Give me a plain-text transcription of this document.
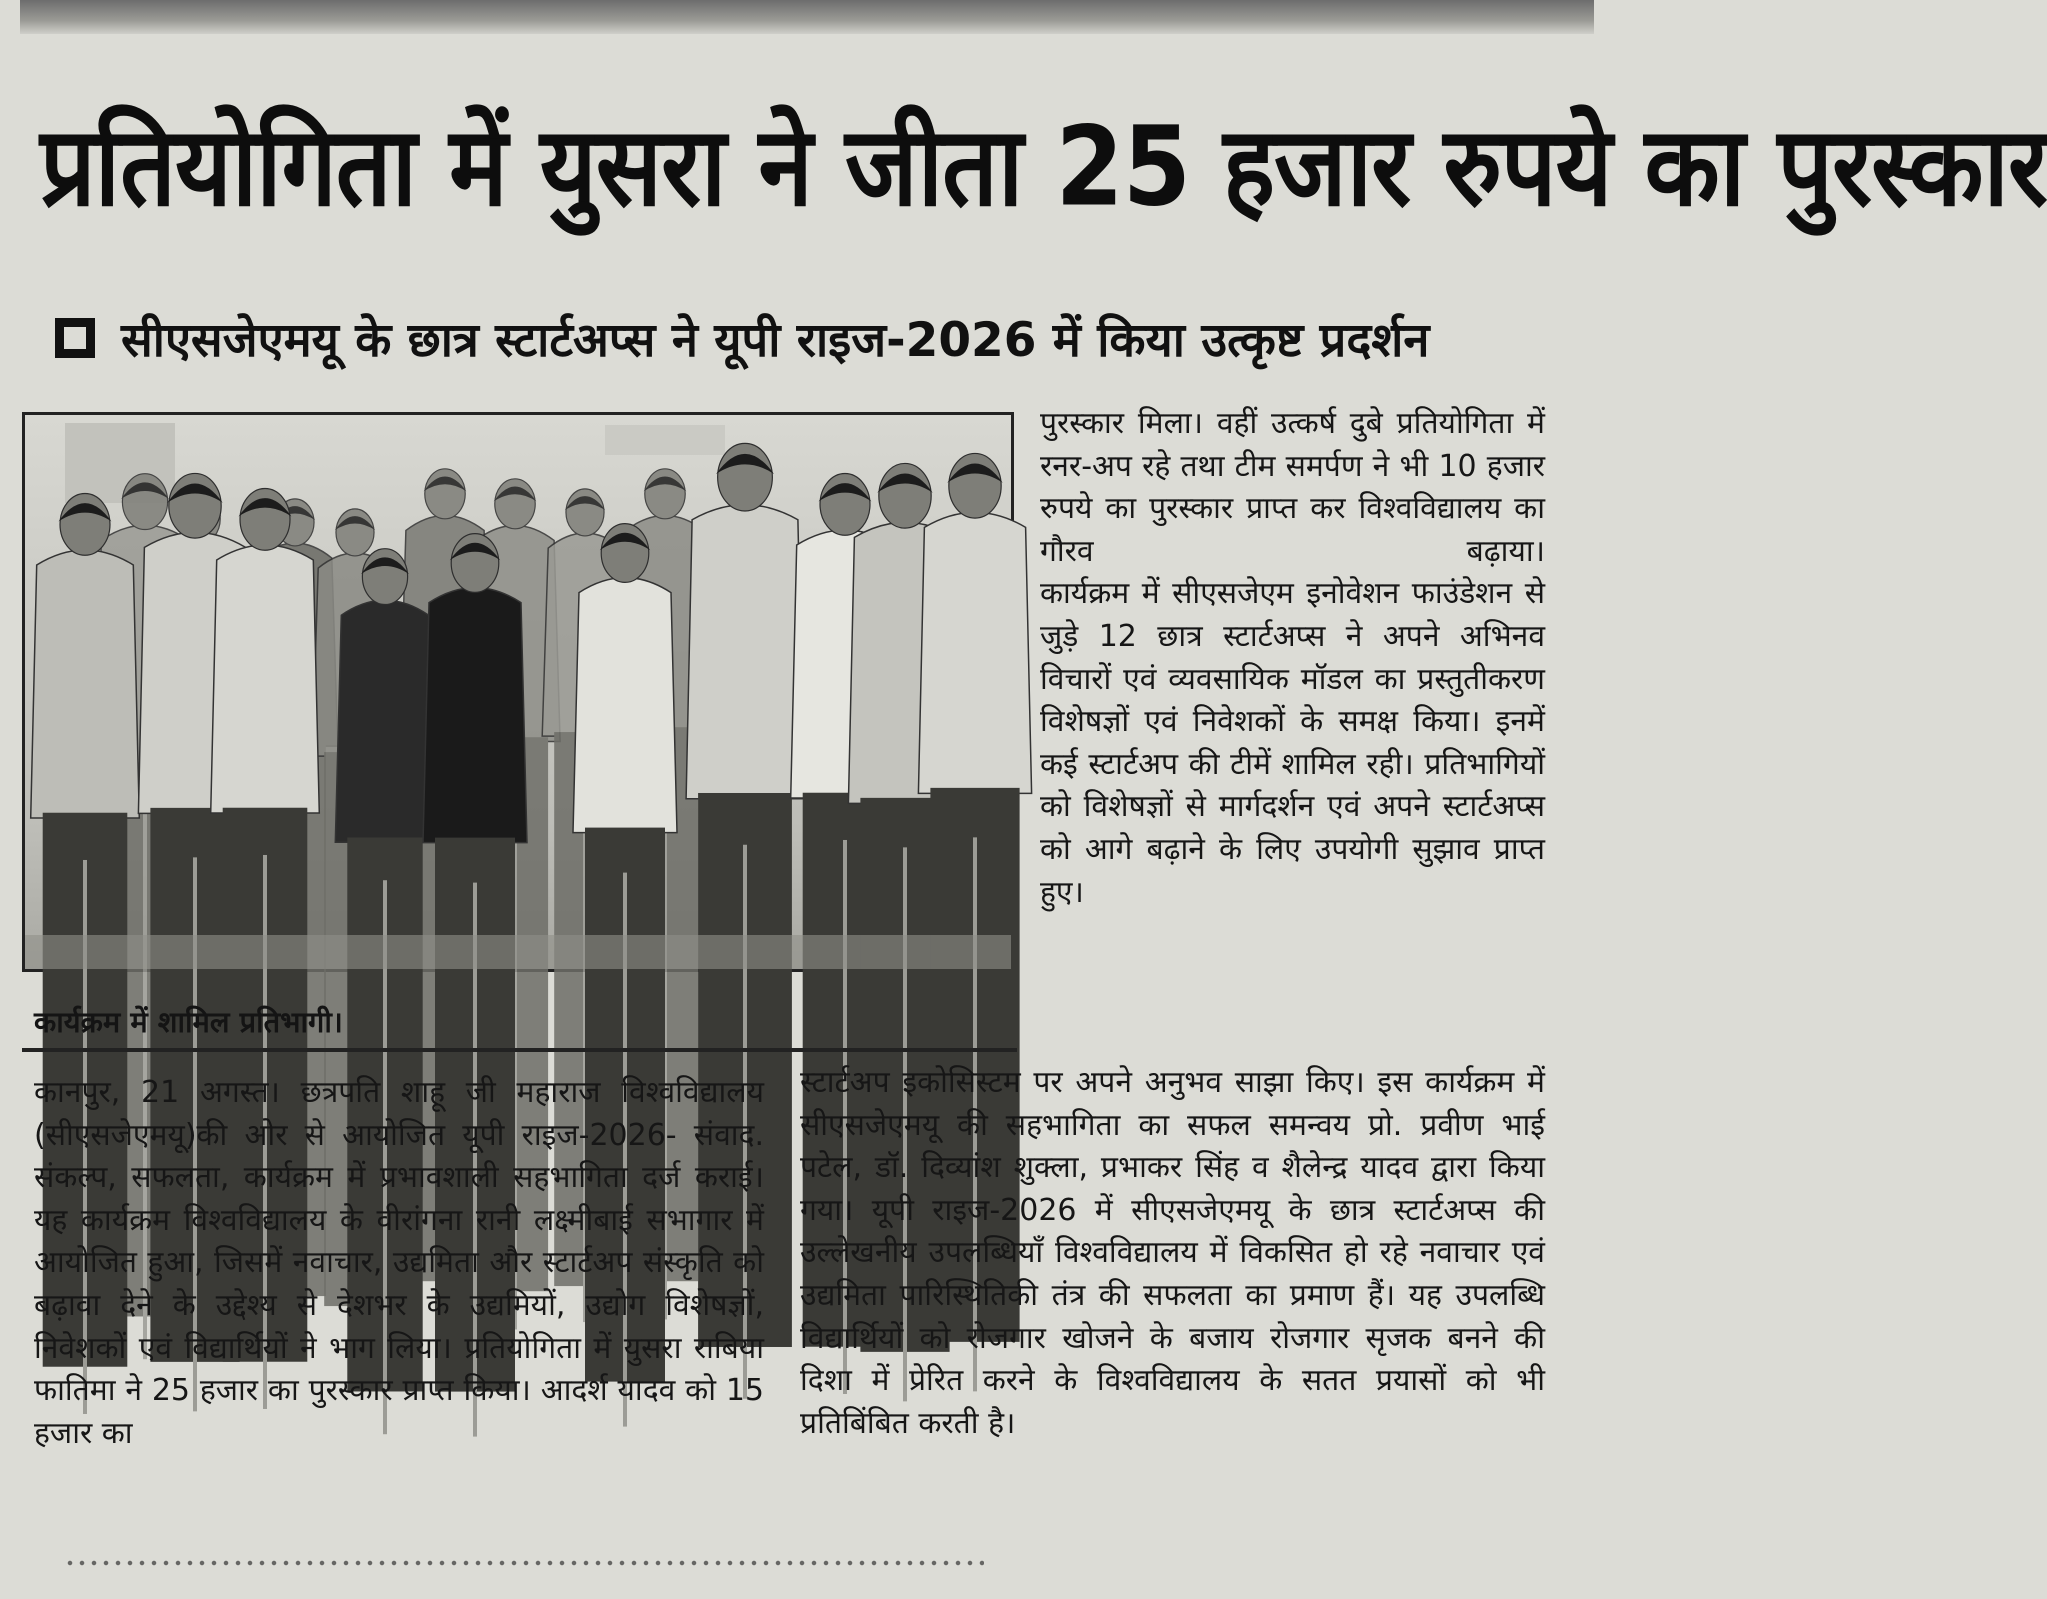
प्रतियोगिता में युसरा ने जीता 25 हजार रुपये का पुरस्कार
सीएसजेएमयू के छात्र स्टार्टअप्स ने यूपी राइज-2026 में किया उत्कृष्ट प्रदर्शन
कार्यक्रम में शामिल प्रतिभागी।

पुरस्कार मिला। वहीं उत्कर्ष दुबे प्रतियोगिता में रनर-अप रहे तथा टीम समर्पण ने भी 10 हजार रुपये का पुरस्कार प्राप्त कर विश्वविद्यालय का गौरव बढ़ाया।

कार्यक्रम में सीएसजेएम इनोवेशन फाउंडेशन से जुड़े 12 छात्र स्टार्टअप्स ने अपने अभिनव विचारों एवं व्यवसायिक मॉडल का प्रस्तुतीकरण विशेषज्ञों एवं निवेशकों के समक्ष किया। इनमें कई स्टार्टअप की टीमें शामिल रही। प्रतिभागियों को विशेषज्ञों से मार्गदर्शन एवं अपने स्टार्टअप्स को आगे बढ़ाने के लिए उपयोगी सुझाव प्राप्त हुए।

कानपुर, 21 अगस्त। छत्रपति शाहू जी महाराज विश्वविद्यालय (सीएसजेएमयू)की ओर से आयोजित यूपी राइज-2026- संवाद. संकल्प, सफलता, कार्यक्रम में प्रभावशाली सहभागिता दर्ज कराई। यह कार्यक्रम विश्वविद्यालय के वीरांगना रानी लक्ष्मीबाई सभागार में आयोजित हुआ, जिसमें नवाचार, उद्यमिता और स्टार्टअप संस्कृति को बढ़ावा देने के उद्देश्य से देशभर के उद्यमियों, उद्योग विशेषज्ञों, निवेशकों एवं विद्यार्थियों ने भाग लिया। प्रतियोगिता में युसरा राबिया फातिमा ने 25 हजार का पुरस्कार प्राप्त किया। आदर्श यादव को 15 हजार का

स्टार्टअप इकोसिस्टम पर अपने अनुभव साझा किए। इस कार्यक्रम में सीएसजेएमयू की सहभागिता का सफल समन्वय प्रो. प्रवीण भाई पटेल, डॉ. दिव्यांश शुक्ला, प्रभाकर सिंह व शैलेन्द्र यादव द्वारा किया गया। यूपी राइज-2026 में सीएसजेएमयू के छात्र स्टार्टअप्स की उल्लेखनीय उपलब्धियाँ विश्वविद्यालय में विकसित हो रहे नवाचार एवं उद्यमिता पारिस्थितिकी तंत्र की सफलता का प्रमाण हैं। यह उपलब्धि विद्यार्थियों को रोजगार खोजने के बजाय रोजगार सृजक बनने की दिशा में प्रेरित करने के विश्वविद्यालय के सतत प्रयासों को भी प्रतिबिंबित करती है।
